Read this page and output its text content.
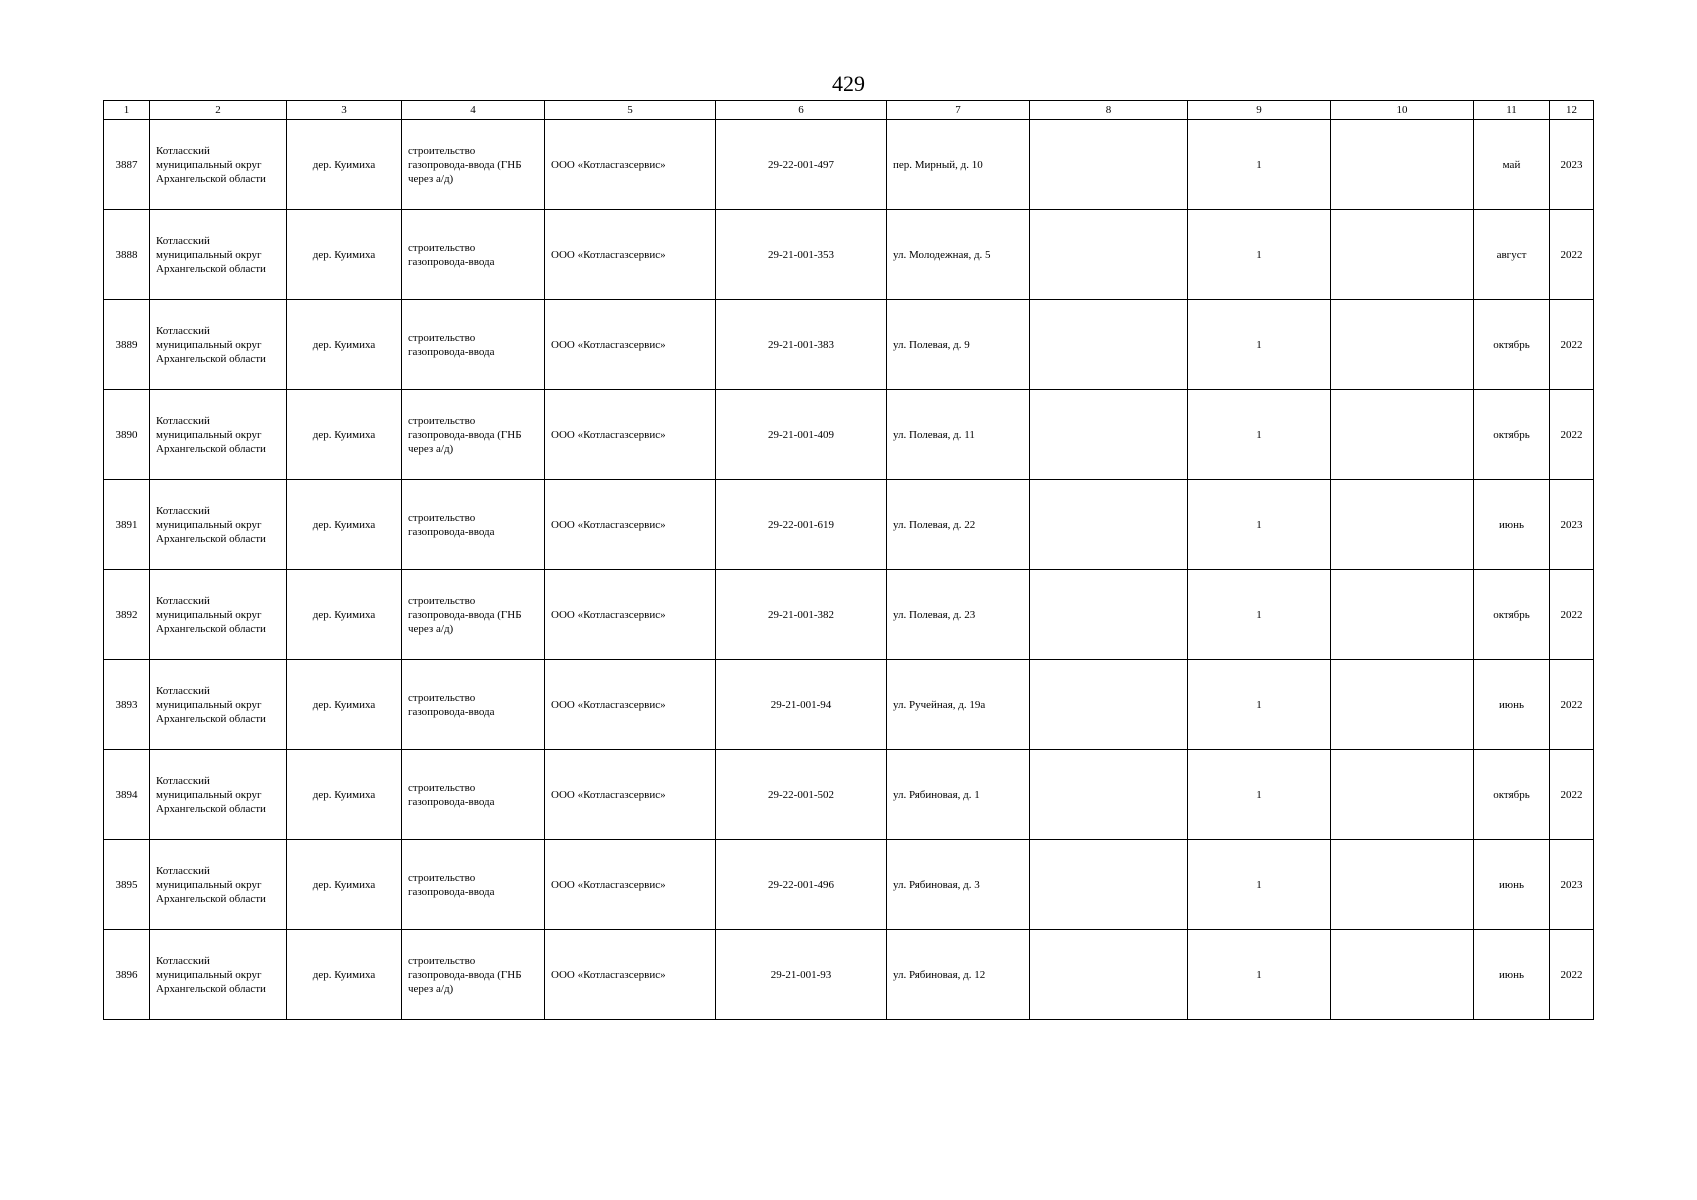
429
1	2	3	4	5	6	7	8	9	10	11	12
3887	Котласский муниципальный округ Архангельской области	дер. Куимиха	строительство газопровода-ввода (ГНБ через а/д)	ООО «Котласгазсервис»	29-22-001-497	пер. Мирный, д. 10		1		май	2023
3888	Котласский муниципальный округ Архангельской области	дер. Куимиха	строительство газопровода-ввода	ООО «Котласгазсервис»	29-21-001-353	ул. Молодежная, д. 5		1		август	2022
3889	Котласский муниципальный округ Архангельской области	дер. Куимиха	строительство газопровода-ввода	ООО «Котласгазсервис»	29-21-001-383	ул. Полевая, д. 9		1		октябрь	2022
3890	Котласский муниципальный округ Архангельской области	дер. Куимиха	строительство газопровода-ввода (ГНБ через а/д)	ООО «Котласгазсервис»	29-21-001-409	ул. Полевая, д. 11		1		октябрь	2022
3891	Котласский муниципальный округ Архангельской области	дер. Куимиха	строительство газопровода-ввода	ООО «Котласгазсервис»	29-22-001-619	ул. Полевая, д. 22		1		июнь	2023
3892	Котласский муниципальный округ Архангельской области	дер. Куимиха	строительство газопровода-ввода (ГНБ через а/д)	ООО «Котласгазсервис»	29-21-001-382	ул. Полевая, д. 23		1		октябрь	2022
3893	Котласский муниципальный округ Архангельской области	дер. Куимиха	строительство газопровода-ввода	ООО «Котласгазсервис»	29-21-001-94	ул. Ручейная, д. 19а		1		июнь	2022
3894	Котласский муниципальный округ Архангельской области	дер. Куимиха	строительство газопровода-ввода	ООО «Котласгазсервис»	29-22-001-502	ул. Рябиновая, д. 1		1		октябрь	2022
3895	Котласский муниципальный округ Архангельской области	дер. Куимиха	строительство газопровода-ввода	ООО «Котласгазсервис»	29-22-001-496	ул. Рябиновая, д. 3		1		июнь	2023
3896	Котласский муниципальный округ Архангельской области	дер. Куимиха	строительство газопровода-ввода (ГНБ через а/д)	ООО «Котласгазсервис»	29-21-001-93	ул. Рябиновая, д. 12		1		июнь	2022
